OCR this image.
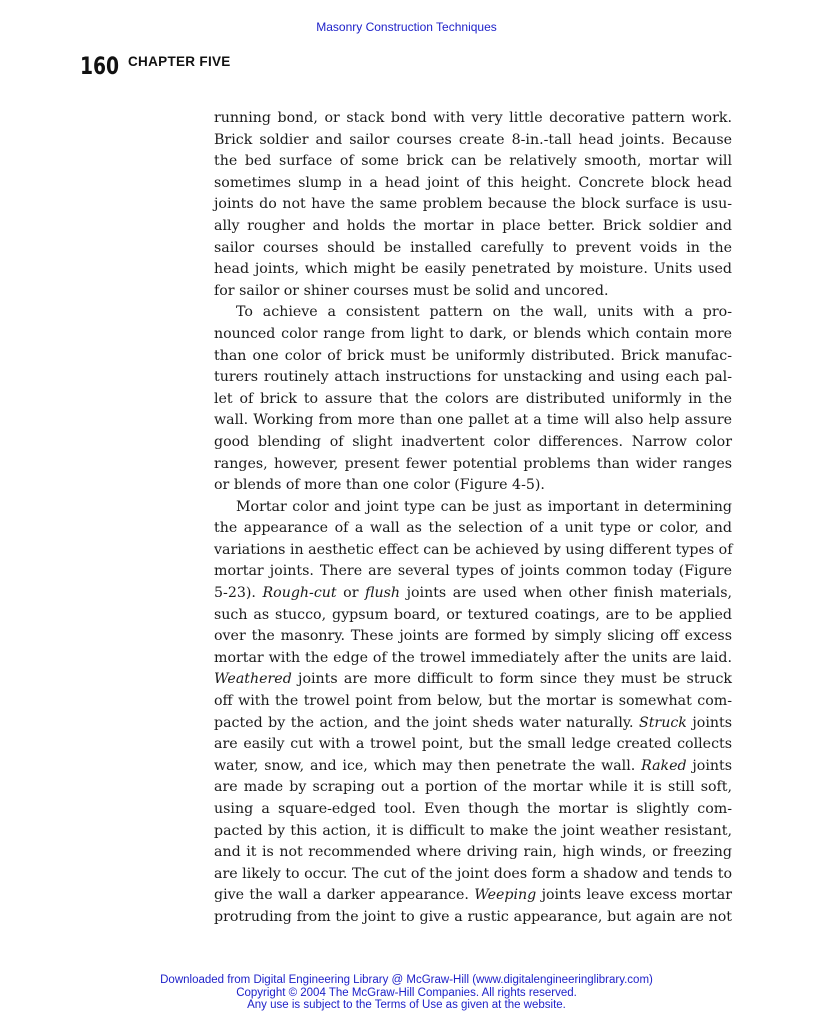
Masonry Construction Techniques
160 CHAPTER FIVE
running bond, or stack bond with very little decorative pattern work.
Brick soldier and sailor courses create 8-in.-tall head joints. Because
the bed surface of some brick can be relatively smooth, mortar will
sometimes slump in a head joint of this height. Concrete block head
joints do not have the same problem because the block surface is usu-
ally rougher and holds the mortar in place better. Brick soldier and
sailor courses should be installed carefully to prevent voids in the
head joints, which might be easily penetrated by moisture. Units used
for sailor or shiner courses must be solid and uncored.
To achieve a consistent pattern on the wall, units with a pro-
nounced color range from light to dark, or blends which contain more
than one color of brick must be uniformly distributed. Brick manufac-
turers routinely attach instructions for unstacking and using each pal-
let of brick to assure that the colors are distributed uniformly in the
wall. Working from more than one pallet at a time will also help assure
good blending of slight inadvertent color differences. Narrow color
ranges, however, present fewer potential problems than wider ranges
or blends of more than one color (Figure 4-5).
Mortar color and joint type can be just as important in determining
the appearance of a wall as the selection of a unit type or color, and
variations in aesthetic effect can be achieved by using different types of
mortar joints. There are several types of joints common today (Figure
5-23). Rough-cut or flush joints are used when other finish materials,
such as stucco, gypsum board, or textured coatings, are to be applied
over the masonry. These joints are formed by simply slicing off excess
mortar with the edge of the trowel immediately after the units are laid.
Weathered joints are more difficult to form since they must be struck
off with the trowel point from below, but the mortar is somewhat com-
pacted by the action, and the joint sheds water naturally. Struck joints
are easily cut with a trowel point, but the small ledge created collects
water, snow, and ice, which may then penetrate the wall. Raked joints
are made by scraping out a portion of the mortar while it is still soft,
using a square-edged tool. Even though the mortar is slightly com-
pacted by this action, it is difficult to make the joint weather resistant,
and it is not recommended where driving rain, high winds, or freezing
are likely to occur. The cut of the joint does form a shadow and tends to
give the wall a darker appearance. Weeping joints leave excess mortar
protruding from the joint to give a rustic appearance, but again are not
Downloaded from Digital Engineering Library @ McGraw-Hill (www.digitalengineeringlibrary.com)
Copyright © 2004 The McGraw-Hill Companies. All rights reserved.
Any use is subject to the Terms of Use as given at the website.
